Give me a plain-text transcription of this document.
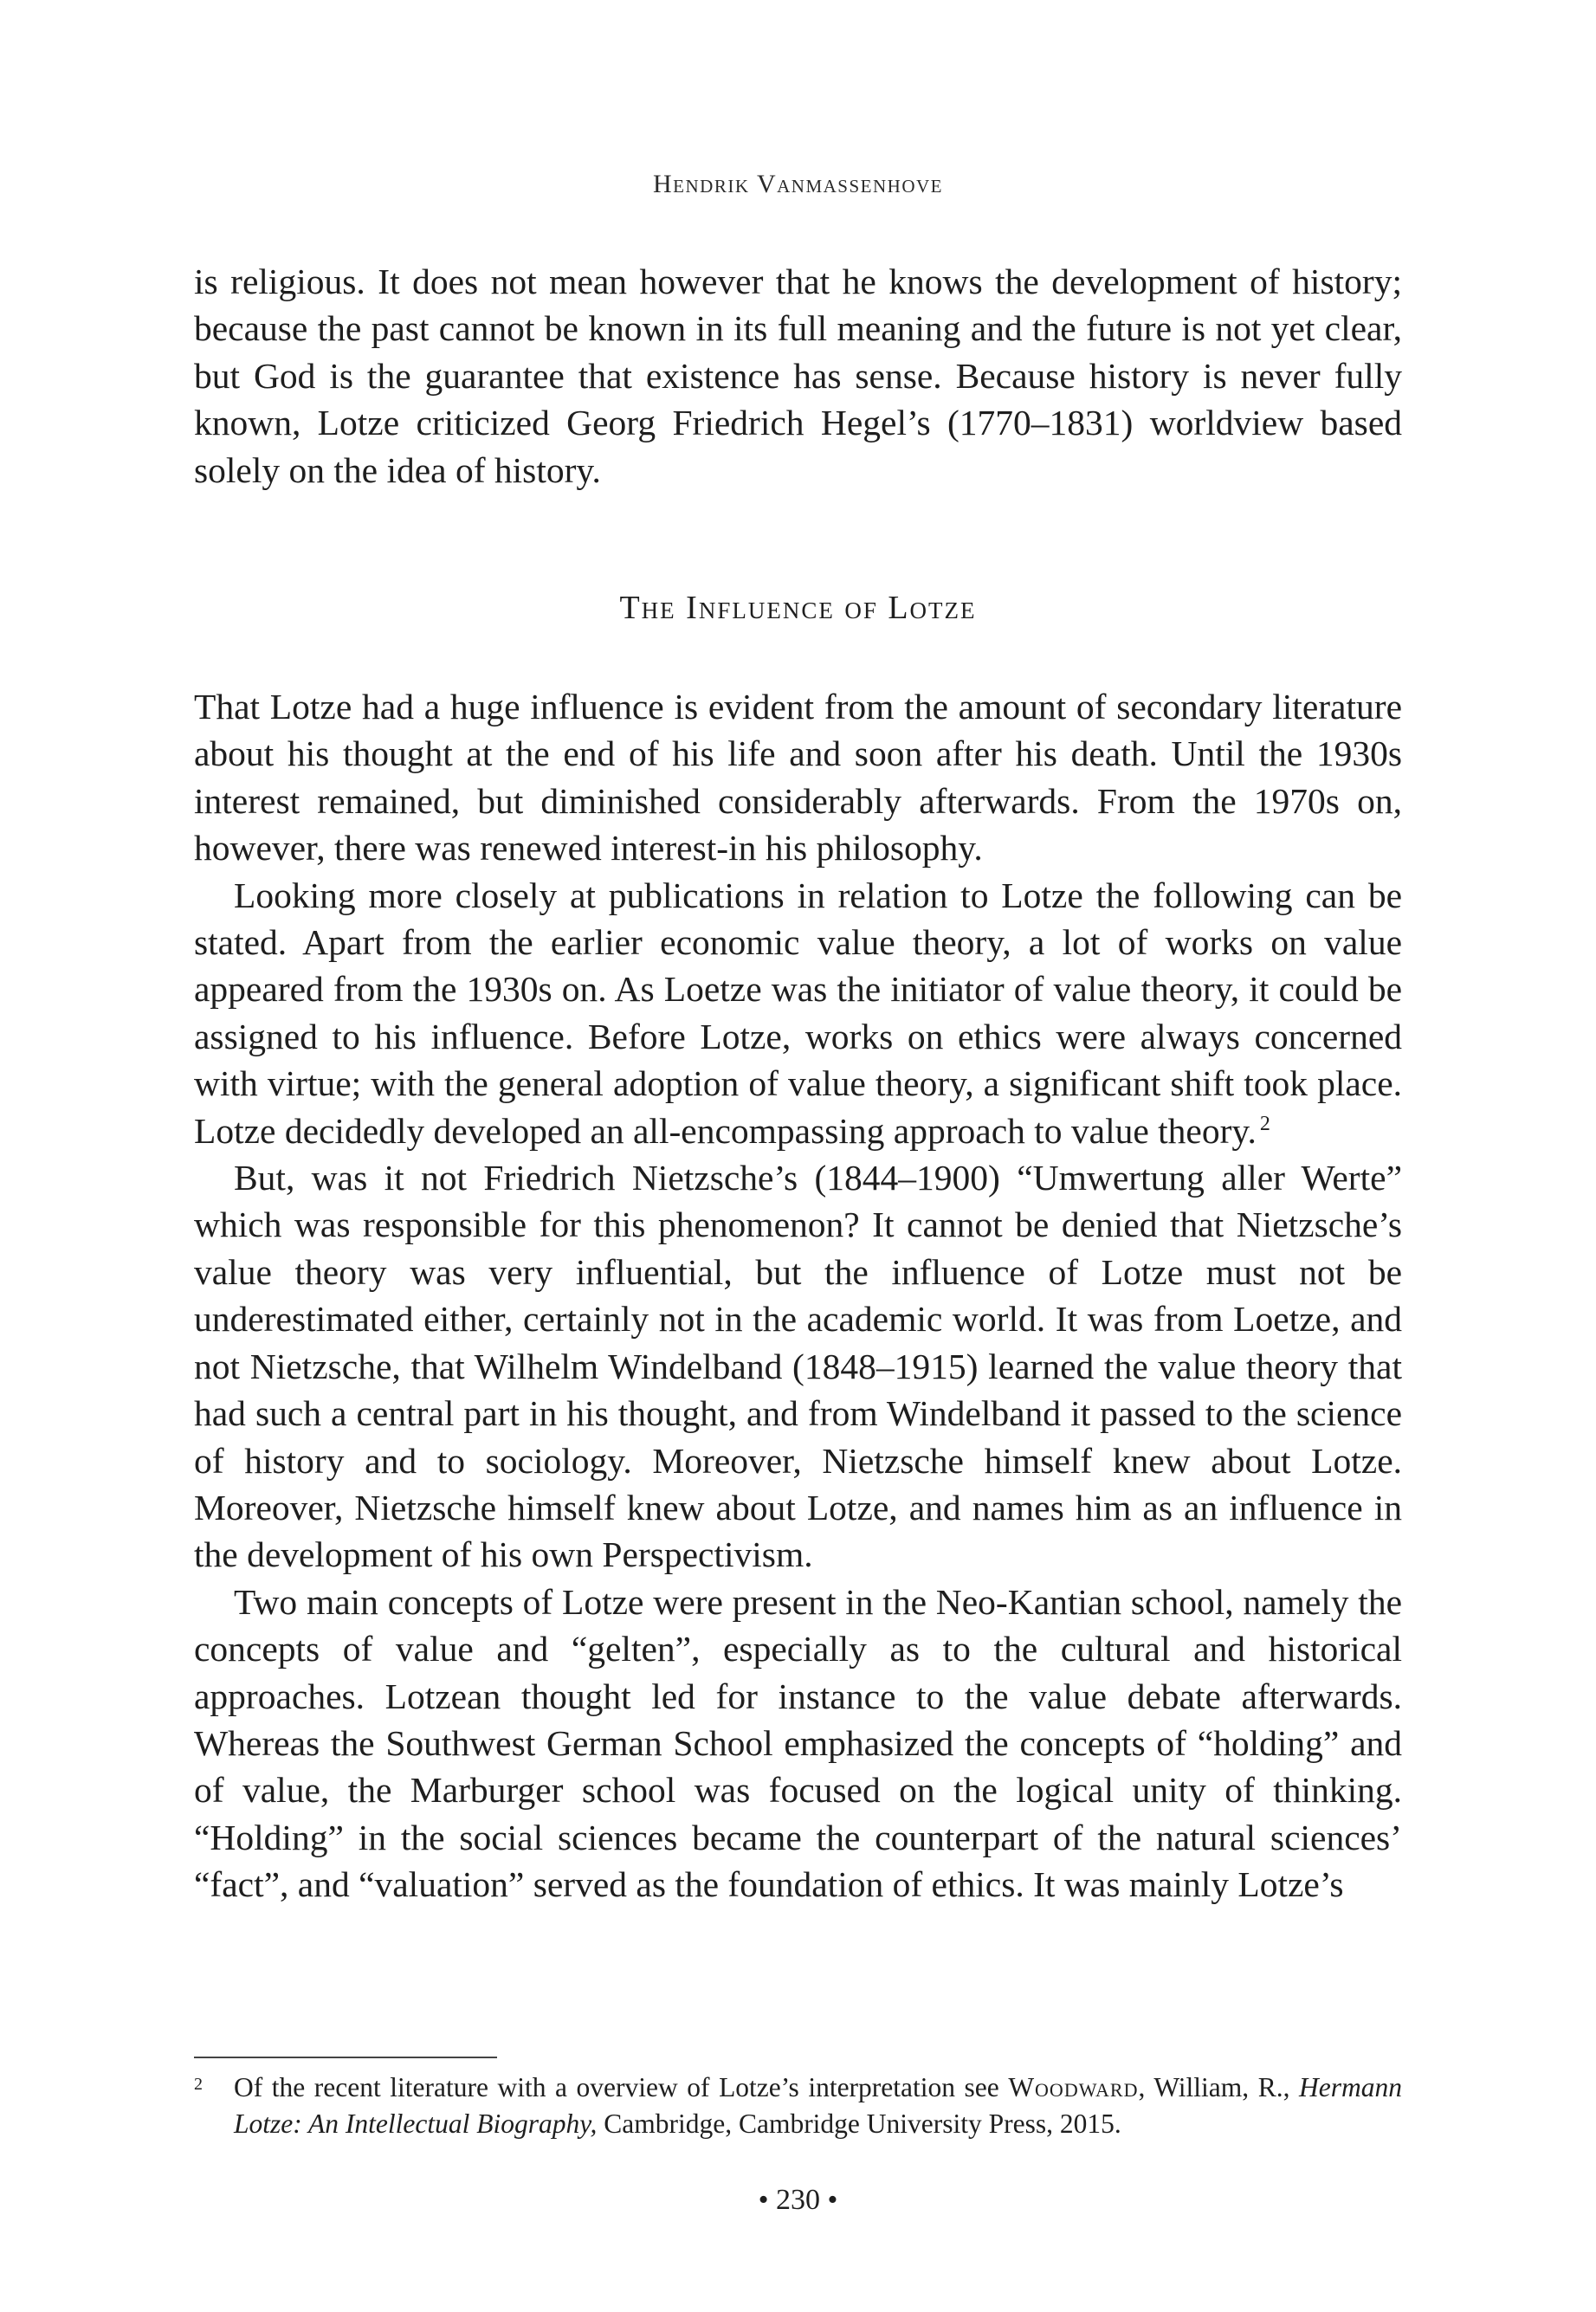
Hendrik Vanmassenhove

is religious. It does not mean however that he knows the development of history; because the past cannot be known in its full meaning and the future is not yet clear, but God is the guarantee that existence has sense. Because history is never fully known, Lotze criticized Georg Friedrich Hegel’s (1770–1831) worldview based solely on the idea of history.

The Influence of Lotze

That Lotze had a huge influence is evident from the amount of secondary literature about his thought at the end of his life and soon after his death. Until the 1930s interest remained, but diminished considerably afterwards. From the 1970s on, however, there was renewed interest-in his philosophy.

Looking more closely at publications in relation to Lotze the following can be stated. Apart from the earlier economic value theory, a lot of works on value appeared from the 1930s on. As Loetze was the initiator of value theory, it could be assigned to his influence. Before Lotze, works on ethics were always concerned with virtue; with the general adoption of value theory, a significant shift took place. Lotze decidedly developed an all-encompassing approach to value theory. $^2$

But, was it not Friedrich Nietzsche’s (1844–1900) “Umwertung aller Werte” which was responsible for this phenomenon? It cannot be denied that Nietzsche’s value theory was very influential, but the influence of Lotze must not be underestimated either, certainly not in the academic world. It was from Loetze, and not Nietzsche, that Wilhelm Windelband (1848–1915) learned the value theory that had such a central part in his thought, and from Windelband it passed to the science of history and to sociology. Moreover, Nietzsche himself knew about Lotze. Moreover, Nietzsche himself knew about Lotze, and names him as an influence in the development of his own Perspectivism.

Two main concepts of Lotze were present in the Neo-Kantian school, namely the concepts of value and “gelten”, especially as to the cultural and historical approaches. Lotzean thought led for instance to the value debate afterwards. Whereas the Southwest German School emphasized the concepts of “holding” and of value, the Marburger school was focused on the logical unity of thinking. “Holding” in the social sciences became the counterpart of the natural sciences’ “fact”, and “valuation” served as the foundation of ethics. It was mainly Lotze’s

2 Of the recent literature with a overview of Lotze’s interpretation see Woodward, William, R., Hermann Lotze: An Intellectual Biography, Cambridge, Cambridge University Press, 2015.
• 230 •
